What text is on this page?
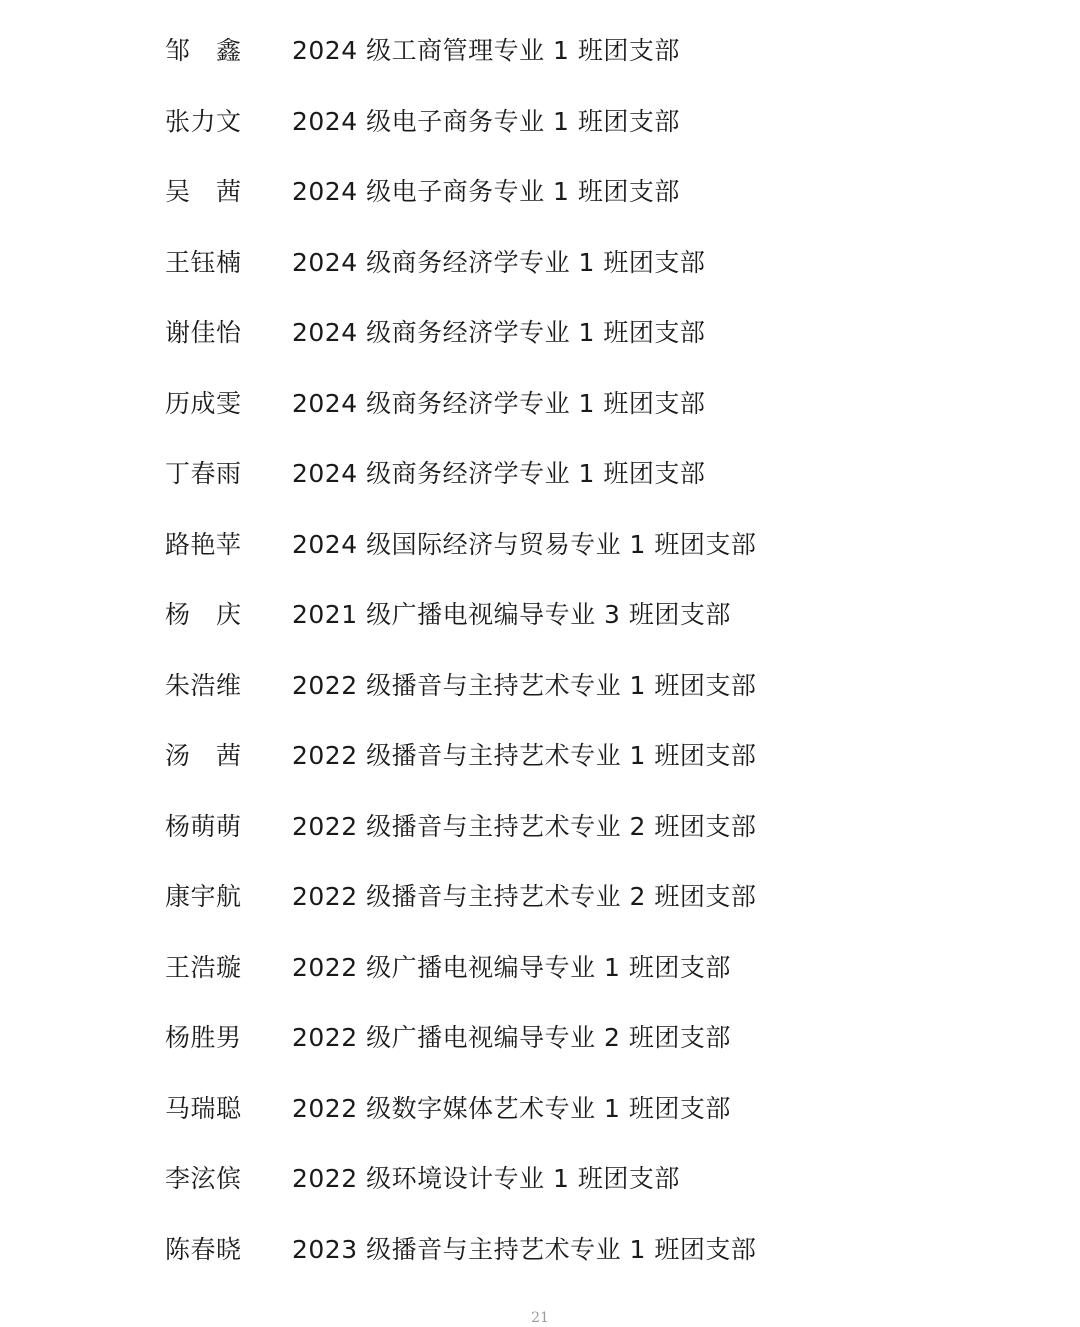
邹　鑫 2024 级工商管理专业 1 班团支部
张力文 2024 级电子商务专业 1 班团支部
吴　茜 2024 级电子商务专业 1 班团支部
王钰楠 2024 级商务经济学专业 1 班团支部
谢佳怡 2024 级商务经济学专业 1 班团支部
历成雯 2024 级商务经济学专业 1 班团支部
丁春雨 2024 级商务经济学专业 1 班团支部
路艳苹 2024 级国际经济与贸易专业 1 班团支部
杨　庆 2021 级广播电视编导专业 3 班团支部
朱浩维 2022 级播音与主持艺术专业 1 班团支部
汤　茜 2022 级播音与主持艺术专业 1 班团支部
杨萌萌 2022 级播音与主持艺术专业 2 班团支部
康宇航 2022 级播音与主持艺术专业 2 班团支部
王浩璇 2022 级广播电视编导专业 1 班团支部
杨胜男 2022 级广播电视编导专业 2 班团支部
马瑞聪 2022 级数字媒体艺术专业 1 班团支部
李泫傧 2022 级环境设计专业 1 班团支部
陈春晓 2023 级播音与主持艺术专业 1 班团支部
21
